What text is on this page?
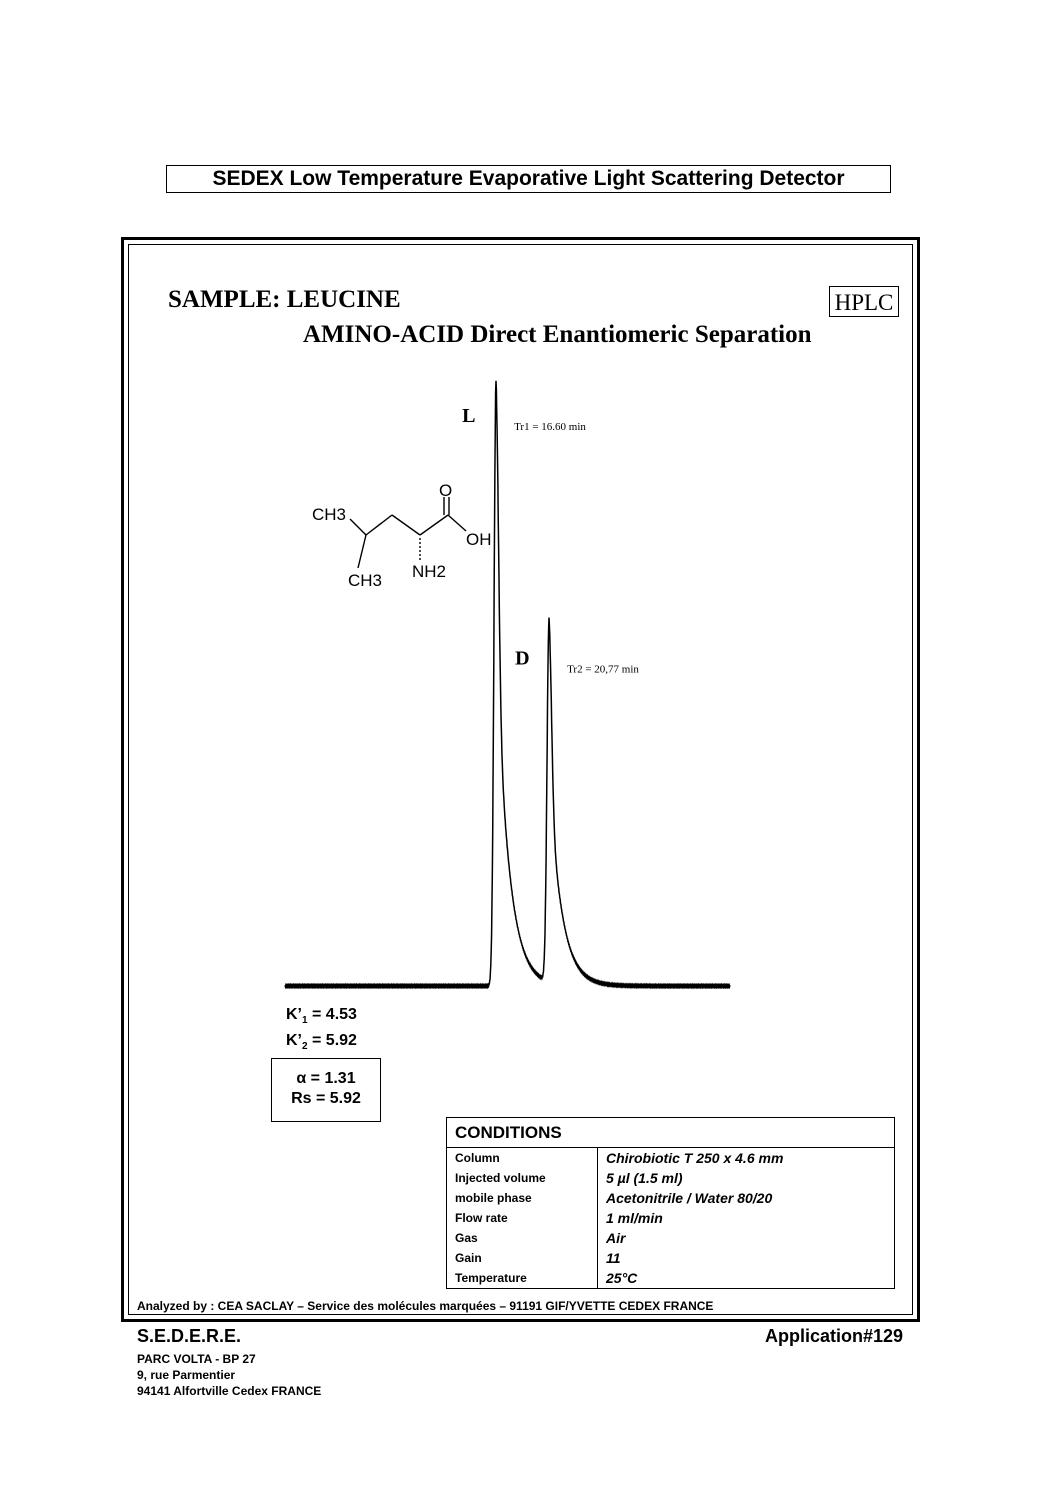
SEDEX Low Temperature Evaporative Light Scattering Detector
SAMPLE: LEUCINE
AMINO-ACID Direct Enantiomeric Separation
HPLC
CH3
CH3
O
OH
NH2
L	Tr1 = 16.60 min
D	Tr2 = 20,77 min
$K’_1 = 4.53$
$K’_2 = 5.92$
α = 1.31
Rs = 5.92
CONDITIONS	
Column	Chirobiotic T 250 x 4.6 mm
Injected volume	5 µl (1.5 ml)
mobile phase	Acetonitrile / Water 80/20
Flow rate	1 ml/min
Gas	Air
Gain	11
Temperature	25°C
Analyzed by : CEA SACLAY – Service des molécules marquées – 91191 GIF/YVETTE CEDEX FRANCE
S.E.D.E.R.E.	Application#129
PARC VOLTA - BP 27
9, rue Parmentier
94141 Alfortville Cedex FRANCE
